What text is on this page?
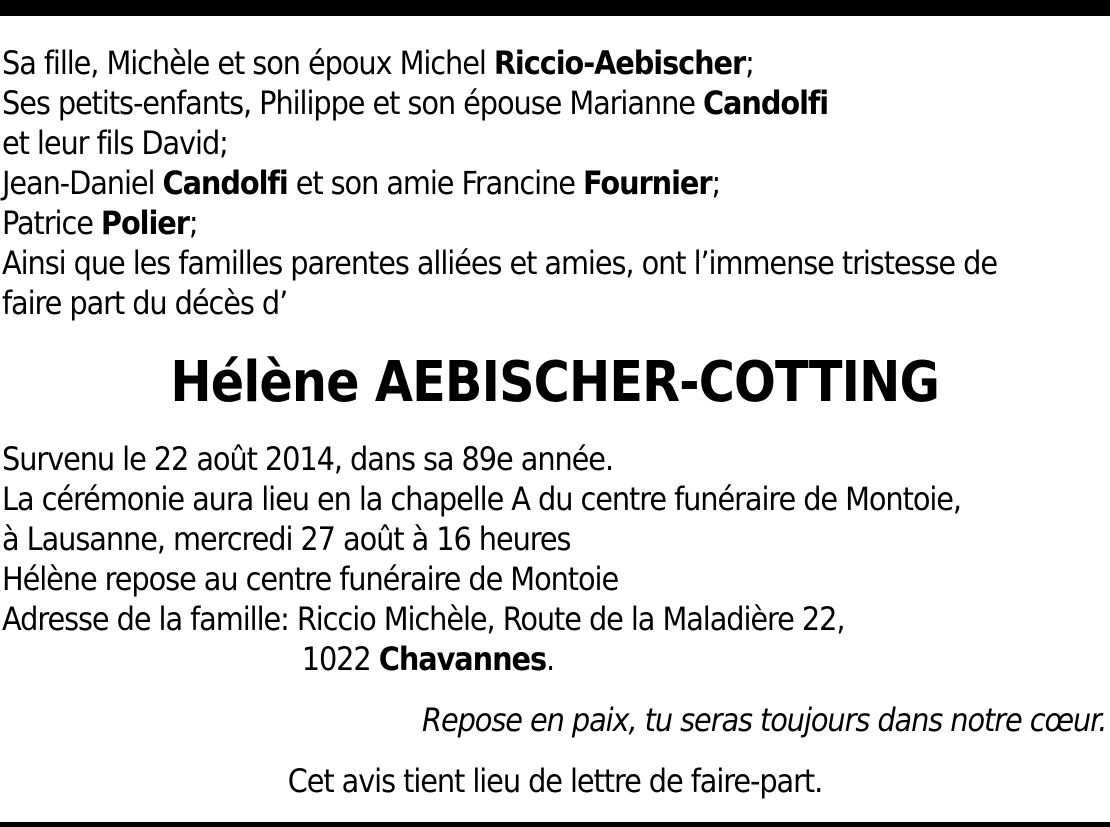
Sa fille, Michèle et son époux Michel Riccio-Aebischer;
Ses petits-enfants, Philippe et son épouse Marianne Candolfi
et leur fils David;
Jean-Daniel Candolfi et son amie Francine Fournier;
Patrice Polier;
Ainsi que les familles parentes alliées et amies, ont l’immense tristesse de
faire part du décès d’
Hélène AEBISCHER-COTTING
Survenu le 22 août 2014, dans sa 89e année.
La cérémonie aura lieu en la chapelle A du centre funéraire de Montoie,
à Lausanne, mercredi 27 août à 16 heures
Hélène repose au centre funéraire de Montoie
Adresse de la famille: Riccio Michèle, Route de la Maladière 22,
1022 Chavannes.
Repose en paix, tu seras toujours dans notre cœur.
Cet avis tient lieu de lettre de faire-part.
